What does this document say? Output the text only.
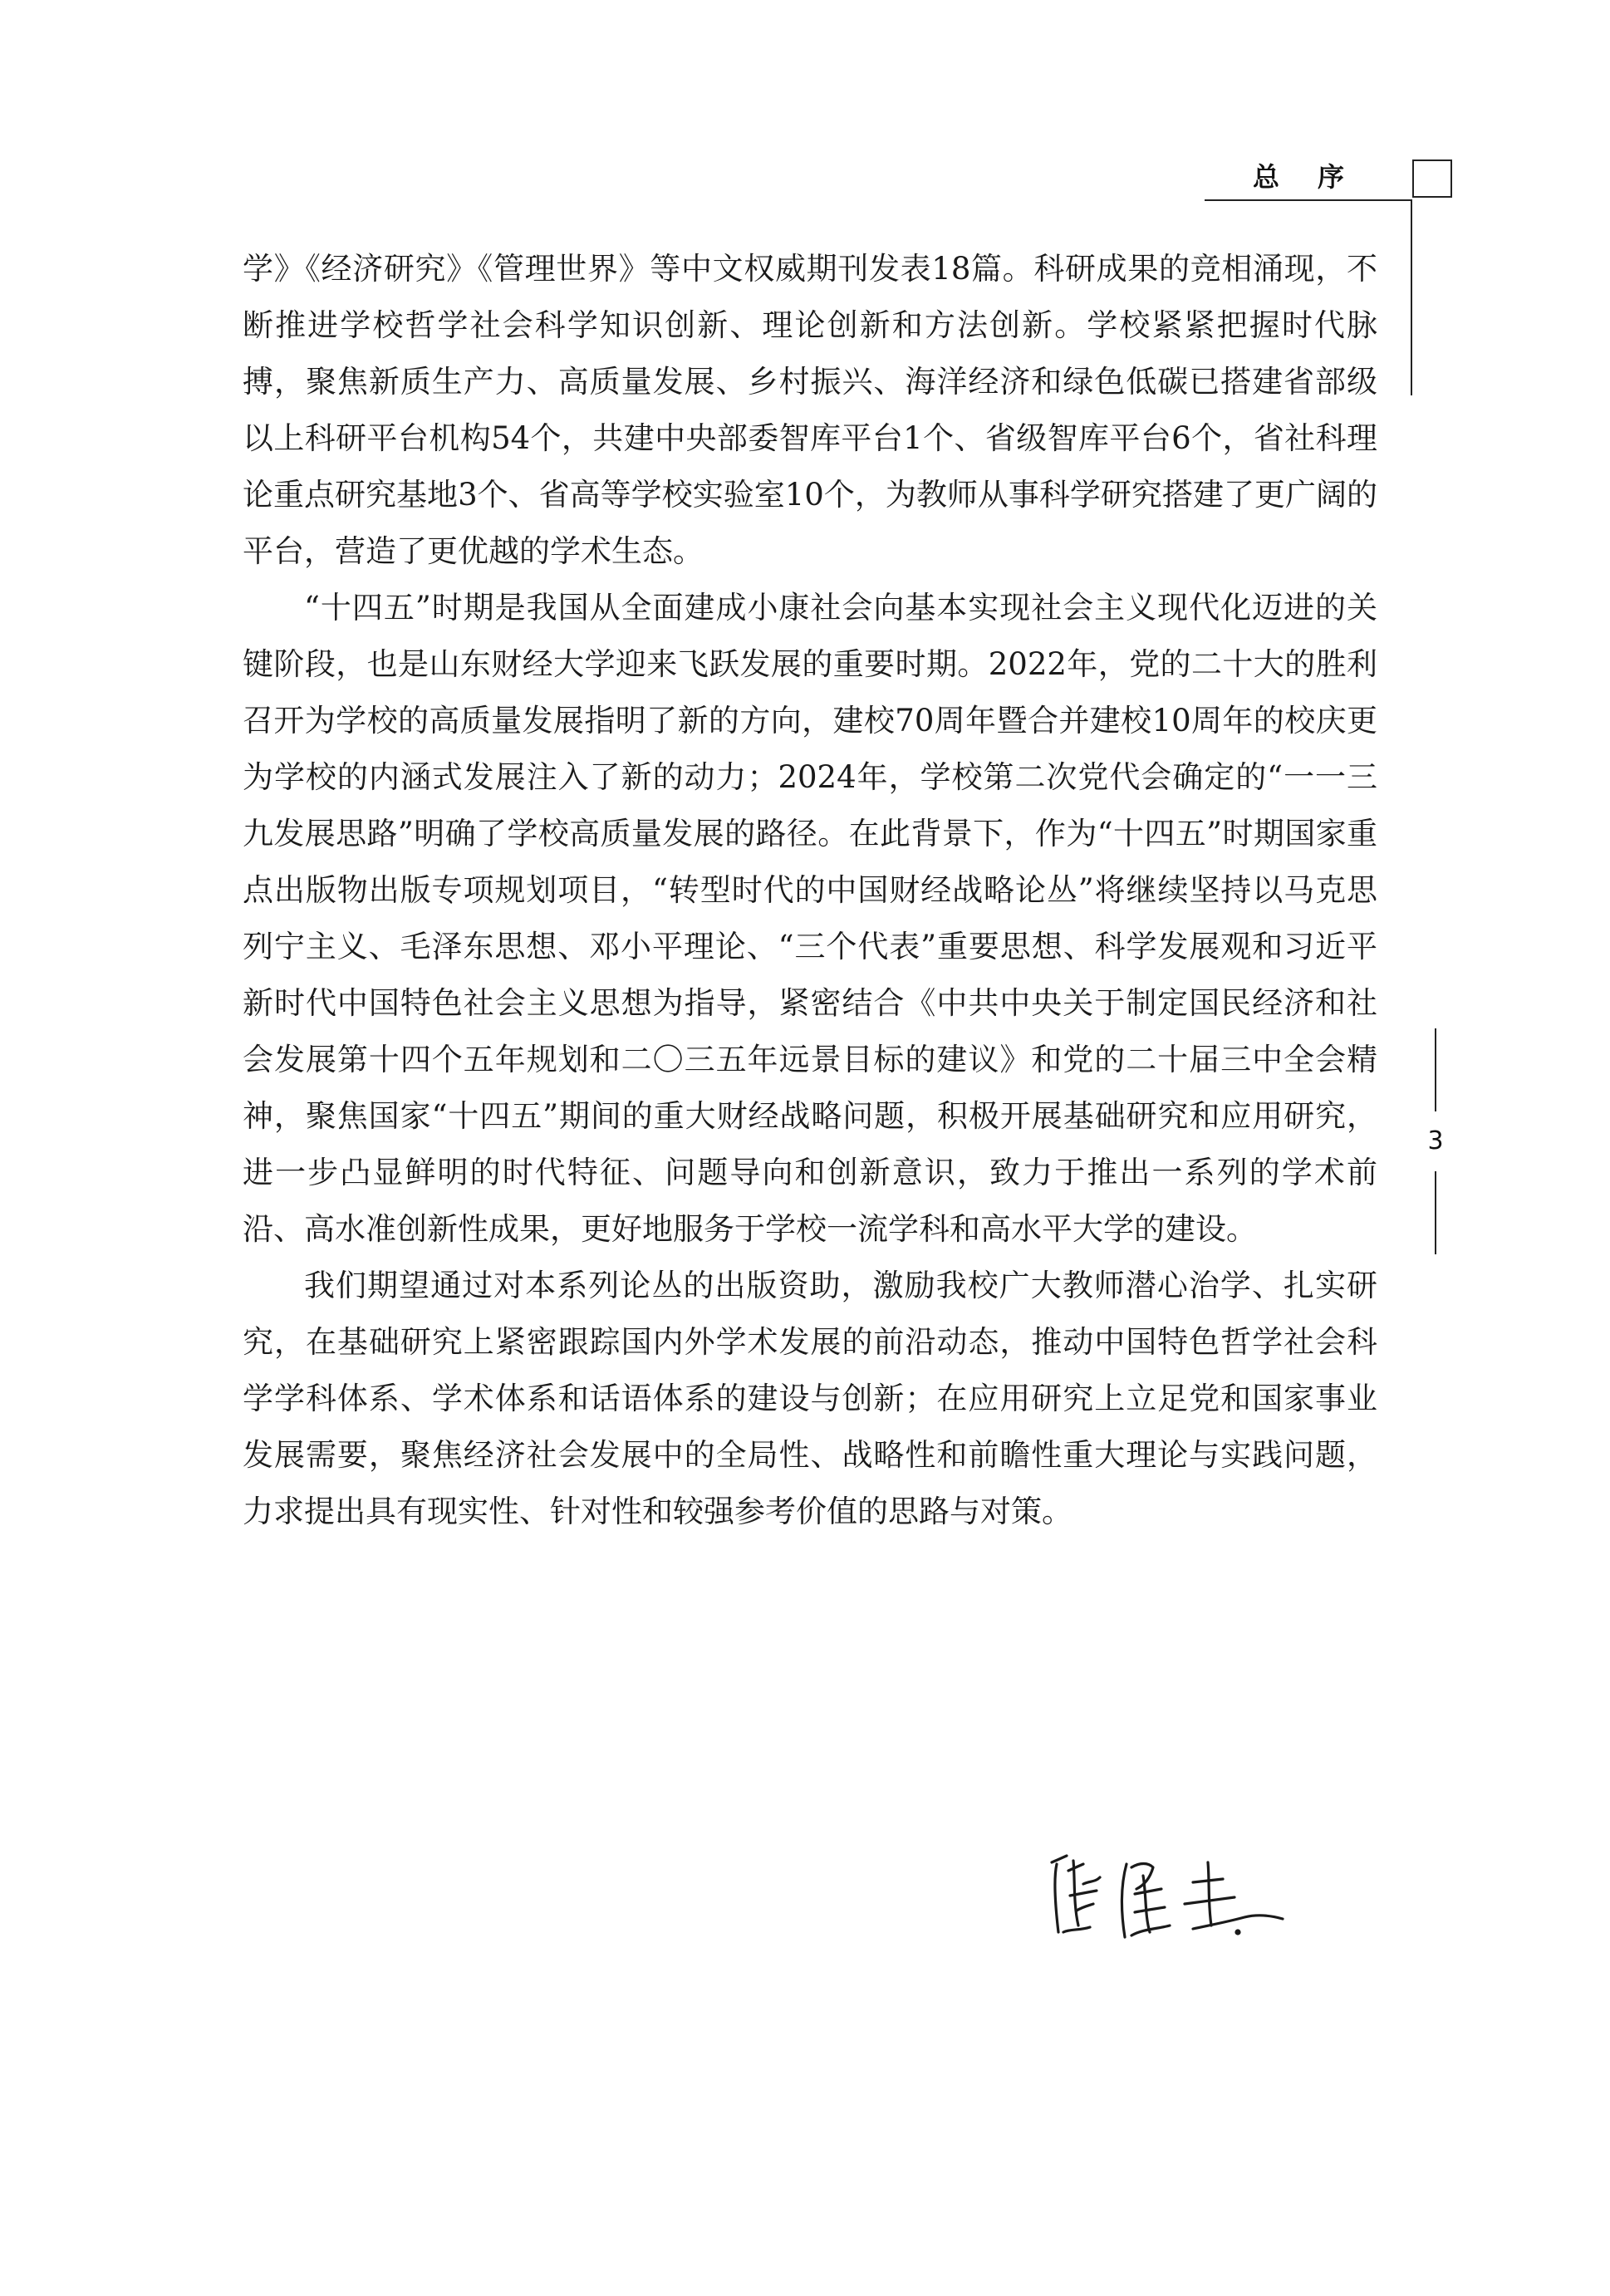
总序
3

学》《经济研究》《管理世界》等中文权威期刊发表18篇。科研成果的竞相涌现，不断推进学校哲学社会科学知识创新、理论创新和方法创新。学校紧紧把握时代脉搏，聚焦新质生产力、高质量发展、乡村振兴、海洋经济和绿色低碳已搭建省部级以上科研平台机构54个，共建中央部委智库平台1个、省级智库平台6个，省社科理论重点研究基地3个、省高等学校实验室10个，为教师从事科学研究搭建了更广阔的平台，营造了更优越的学术生态。

“十四五”时期是我国从全面建成小康社会向基本实现社会主义现代化迈进的关键阶段，也是山东财经大学迎来飞跃发展的重要时期。2022年，党的二十大的胜利召开为学校的高质量发展指明了新的方向，建校70周年暨合并建校10周年的校庆更为学校的内涵式发展注入了新的动力；2024年，学校第二次党代会确定的“一一三九发展思路”明确了学校高质量发展的路径。在此背景下，作为“十四五”时期国家重点出版物出版专项规划项目，“转型时代的中国财经战略论丛”将继续坚持以马克思列宁主义、毛泽东思想、邓小平理论、“三个代表”重要思想、科学发展观和习近平新时代中国特色社会主义思想为指导，紧密结合《中共中央关于制定国民经济和社会发展第十四个五年规划和二〇三五年远景目标的建议》和党的二十届三中全会精神，聚焦国家“十四五”期间的重大财经战略问题，积极开展基础研究和应用研究，进一步凸显鲜明的时代特征、问题导向和创新意识，致力于推出一系列的学术前沿、高水准创新性成果，更好地服务于学校一流学科和高水平大学的建设。

我们期望通过对本系列论丛的出版资助，激励我校广大教师潜心治学、扎实研究，在基础研究上紧密跟踪国内外学术发展的前沿动态，推动中国特色哲学社会科学学科体系、学术体系和话语体系的建设与创新；在应用研究上立足党和国家事业发展需要，聚焦经济社会发展中的全局性、战略性和前瞻性重大理论与实践问题，力求提出具有现实性、针对性和较强参考价值的思路与对策。
